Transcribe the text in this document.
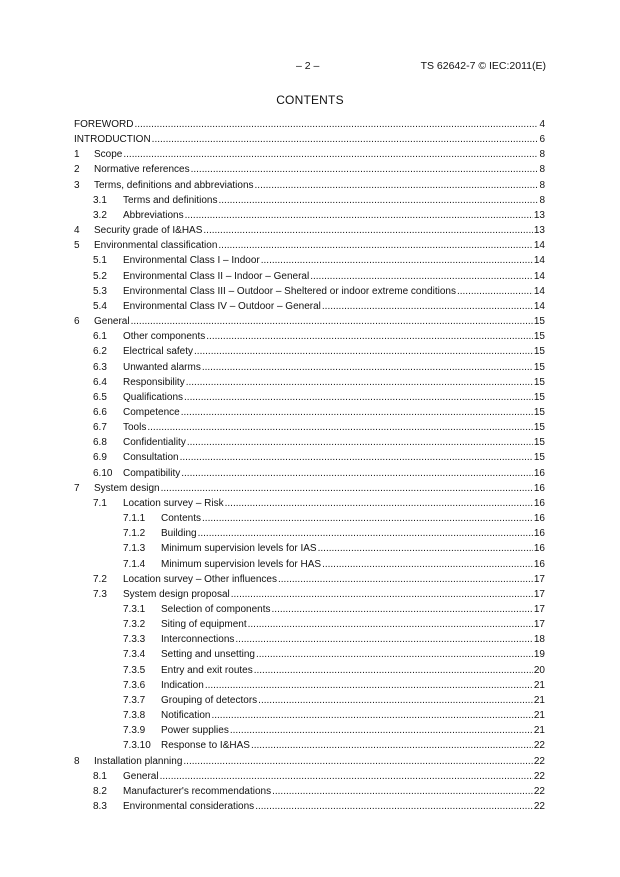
– 2 –	TS 62642-7 © IEC:2011(E)
CONTENTS
FOREWORD .....	4
INTRODUCTION .....	6
1 Scope .....	8
2 Normative references .....	8
3 Terms, definitions and abbreviations .....	8
3.1 Terms and definitions .....	8
3.2 Abbreviations .....	13
4 Security grade of I&HAS .....	13
5 Environmental classification .....	14
5.1 Environmental Class I – Indoor .....	14
5.2 Environmental Class II – Indoor – General .....	14
5.3 Environmental Class III – Outdoor – Sheltered or indoor extreme conditions .....	14
5.4 Environmental Class IV – Outdoor – General .....	14
6 General .....	15
6.1 Other components .....	15
6.2 Electrical safety .....	15
6.3 Unwanted alarms .....	15
6.4 Responsibility .....	15
6.5 Qualifications .....	15
6.6 Competence .....	15
6.7 Tools .....	15
6.8 Confidentiality .....	15
6.9 Consultation .....	15
6.10 Compatibility .....	16
7 System design .....	16
7.1 Location survey – Risk .....	16
7.1.1 Contents .....	16
7.1.2 Building .....	16
7.1.3 Minimum supervision levels for IAS .....	16
7.1.4 Minimum supervision levels for HAS .....	16
7.2 Location survey – Other influences .....	17
7.3 System design proposal .....	17
7.3.1 Selection of components .....	17
7.3.2 Siting of equipment .....	17
7.3.3 Interconnections .....	18
7.3.4 Setting and unsetting .....	19
7.3.5 Entry and exit routes .....	20
7.3.6 Indication .....	21
7.3.7 Grouping of detectors .....	21
7.3.8 Notification .....	21
7.3.9 Power supplies .....	21
7.3.10 Response to I&HAS .....	22
8 Installation planning .....	22
8.1 General .....	22
8.2 Manufacturer's recommendations .....	22
8.3 Environmental considerations .....	22
